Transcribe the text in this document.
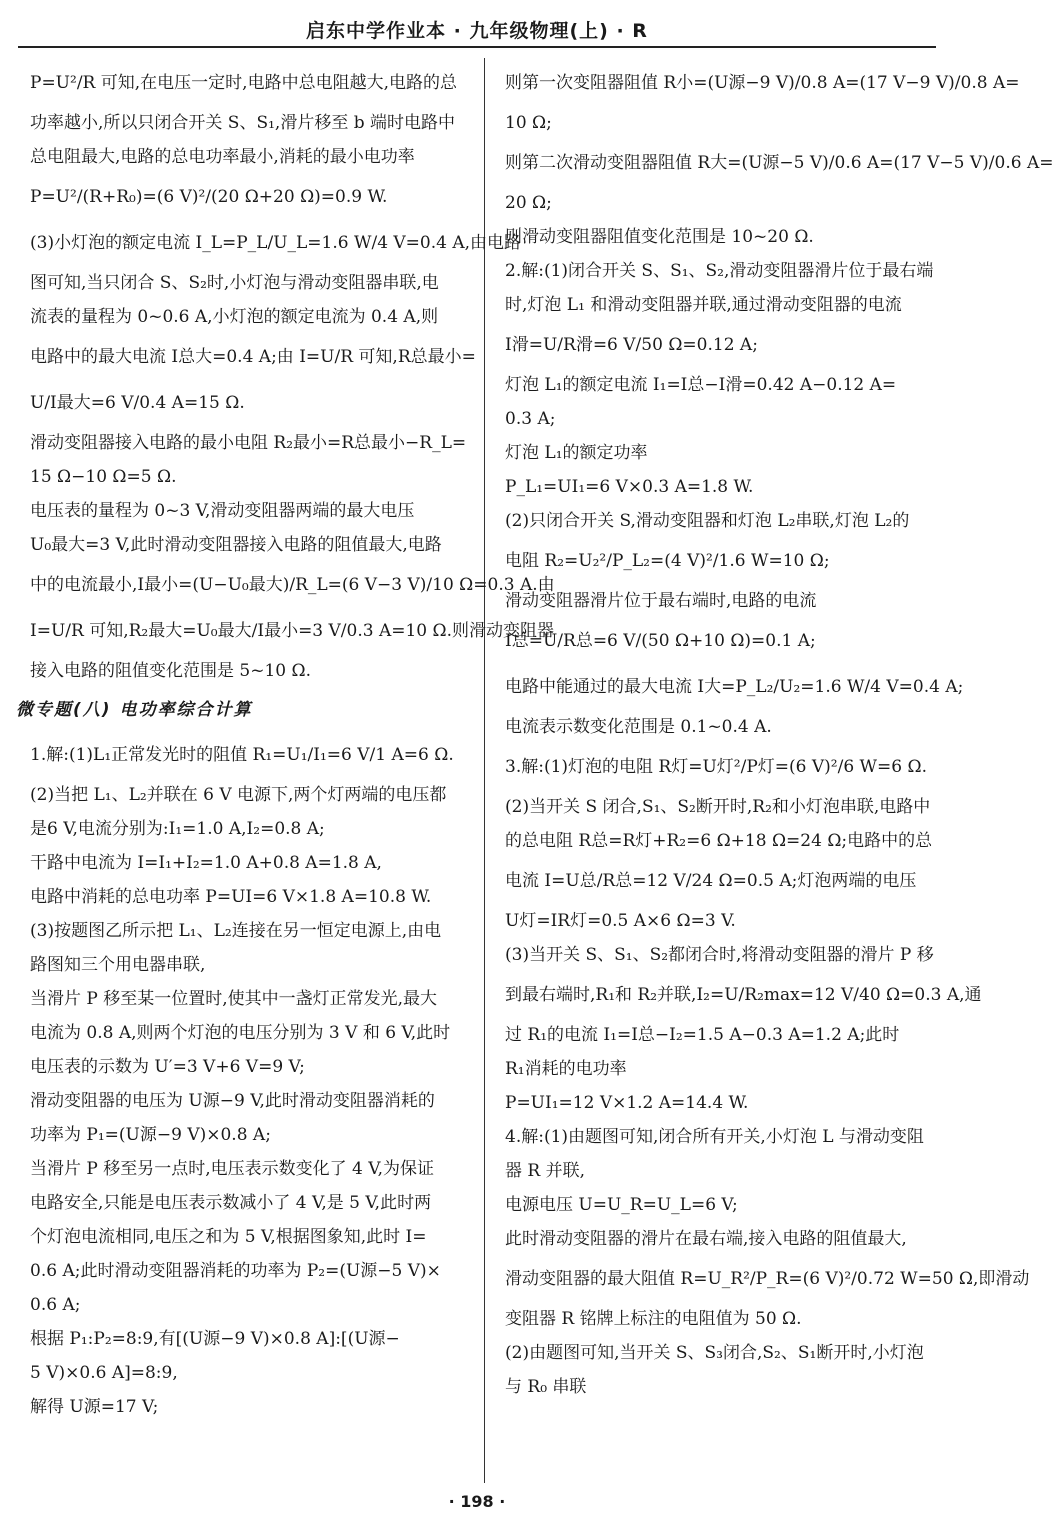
启东中学作业本 · 九年级物理(上) · R
P=U²/R 可知,在电压一定时,电路中总电阻越大,电路的总
功率越小,所以只闭合开关 S、S₁,滑片移至 b 端时电路中
总电阻最大,电路的总电功率最小,消耗的最小电功率
P=U²/(R+R₀)=(6 V)²/(20 Ω+20 Ω)=0.9 W.
(3)小灯泡的额定电流 I_L=P_L/U_L=1.6 W/4 V=0.4 A,由电路
图可知,当只闭合 S、S₂时,小灯泡与滑动变阻器串联,电
流表的量程为 0~0.6 A,小灯泡的额定电流为 0.4 A,则
电路中的最大电流 I总大=0.4 A;由 I=U/R 可知,R总最小=
U/I最大=6 V/0.4 A=15 Ω.
滑动变阻器接入电路的最小电阻 R₂最小=R总最小−R_L=
15 Ω−10 Ω=5 Ω.
电压表的量程为 0~3 V,滑动变阻器两端的最大电压
U₀最大=3 V,此时滑动变阻器接入电路的阻值最大,电路
中的电流最小,I最小=(U−U₀最大)/R_L=(6 V−3 V)/10 Ω=0.3 A.由
I=U/R 可知,R₂最大=U₀最大/I最小=3 V/0.3 A=10 Ω.则滑动变阻器
接入电路的阻值变化范围是 5~10 Ω.
微专题(八) 电功率综合计算
1.解:(1)L₁正常发光时的阻值 R₁=U₁/I₁=6 V/1 A=6 Ω.
(2)当把 L₁、L₂并联在 6 V 电源下,两个灯两端的电压都
是6 V,电流分别为:I₁=1.0 A,I₂=0.8 A;
干路中电流为 I=I₁+I₂=1.0 A+0.8 A=1.8 A,
电路中消耗的总电功率 P=UI=6 V×1.8 A=10.8 W.
(3)按题图乙所示把 L₁、L₂连接在另一恒定电源上,由电
路图知三个用电器串联,
当滑片 P 移至某一位置时,使其中一盏灯正常发光,最大
电流为 0.8 A,则两个灯泡的电压分别为 3 V 和 6 V,此时
电压表的示数为 U′=3 V+6 V=9 V;
滑动变阻器的电压为 U源−9 V,此时滑动变阻器消耗的
功率为 P₁=(U源−9 V)×0.8 A;
当滑片 P 移至另一点时,电压表示数变化了 4 V,为保证
电路安全,只能是电压表示数减小了 4 V,是 5 V,此时两
个灯泡电流相同,电压之和为 5 V,根据图象知,此时 I=
0.6 A;此时滑动变阻器消耗的功率为 P₂=(U源−5 V)×
0.6 A;
根据 P₁:P₂=8:9,有[(U源−9 V)×0.8 A]:[(U源−
5 V)×0.6 A]=8:9,
解得 U源=17 V;
则第一次变阻器阻值 R小=(U源−9 V)/0.8 A=(17 V−9 V)/0.8 A=
10 Ω;
则第二次滑动变阻器阻值 R大=(U源−5 V)/0.6 A=(17 V−5 V)/0.6 A=
20 Ω;
则滑动变阻器阻值变化范围是 10~20 Ω.
2.解:(1)闭合开关 S、S₁、S₂,滑动变阻器滑片位于最右端
时,灯泡 L₁ 和滑动变阻器并联,通过滑动变阻器的电流
I滑=U/R滑=6 V/50 Ω=0.12 A;
灯泡 L₁的额定电流 I₁=I总−I滑=0.42 A−0.12 A=
0.3 A;
灯泡 L₁的额定功率
P_L₁=UI₁=6 V×0.3 A=1.8 W.
(2)只闭合开关 S,滑动变阻器和灯泡 L₂串联,灯泡 L₂的
电阻 R₂=U₂²/P_L₂=(4 V)²/1.6 W=10 Ω;
滑动变阻器滑片位于最右端时,电路的电流
I总=U/R总=6 V/(50 Ω+10 Ω)=0.1 A;
电路中能通过的最大电流 I大=P_L₂/U₂=1.6 W/4 V=0.4 A;
电流表示数变化范围是 0.1~0.4 A.
3.解:(1)灯泡的电阻 R灯=U灯²/P灯=(6 V)²/6 W=6 Ω.
(2)当开关 S 闭合,S₁、S₂断开时,R₂和小灯泡串联,电路中
的总电阻 R总=R灯+R₂=6 Ω+18 Ω=24 Ω;电路中的总
电流 I=U总/R总=12 V/24 Ω=0.5 A;灯泡两端的电压
U灯=IR灯=0.5 A×6 Ω=3 V.
(3)当开关 S、S₁、S₂都闭合时,将滑动变阻器的滑片 P 移
到最右端时,R₁和 R₂并联,I₂=U/R₂max=12 V/40 Ω=0.3 A,通
过 R₁的电流 I₁=I总−I₂=1.5 A−0.3 A=1.2 A;此时
R₁消耗的电功率
P=UI₁=12 V×1.2 A=14.4 W.
4.解:(1)由题图可知,闭合所有开关,小灯泡 L 与滑动变阻
器 R 并联,
电源电压 U=U_R=U_L=6 V;
此时滑动变阻器的滑片在最右端,接入电路的阻值最大,
滑动变阻器的最大阻值 R=U_R²/P_R=(6 V)²/0.72 W=50 Ω,即滑动
变阻器 R 铭牌上标注的电阻值为 50 Ω.
(2)由题图可知,当开关 S、S₃闭合,S₂、S₁断开时,小灯泡
与 R₀ 串联
· 198 ·
